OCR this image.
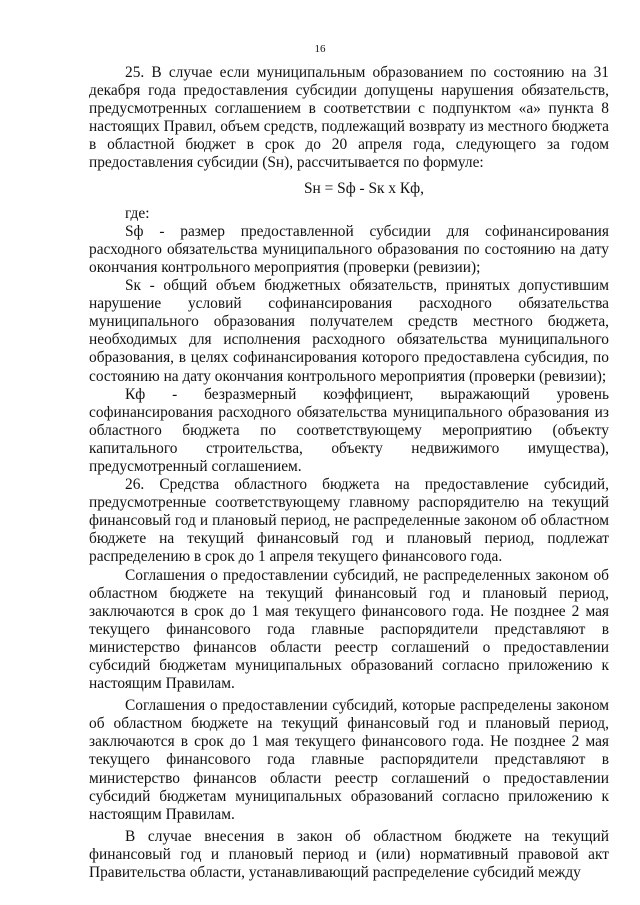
16

25. В случае если муниципальным образованием по состоянию на 31 декабря года предоставления субсидии допущены нарушения обязательств, предусмотренных соглашением в соответствии с подпунктом «а» пункта 8 настоящих Правил, объем средств, подлежащий возврату из местного бюджета в областной бюджет в срок до 20 апреля года, следующего за годом предоставления субсидии (Sн), рассчитывается по формуле:

Sн = Sф - Sк х Кф,

где:

Sф - размер предоставленной субсидии для софинансирования расходного обязательства муниципального образования по состоянию на дату окончания контрольного мероприятия (проверки (ревизии);

Sк - общий объем бюджетных обязательств, принятых допустившим нарушение условий софинансирования расходного обязательства муниципального образования получателем средств местного бюджета, необходимых для исполнения расходного обязательства муниципального образования, в целях софинансирования которого предоставлена субсидия, по состоянию на дату окончания контрольного мероприятия (проверки (ревизии);

Кф - безразмерный коэффициент, выражающий уровень софинансирования расходного обязательства муниципального образования из областного бюджета по соответствующему мероприятию (объекту капитального строительства, объекту недвижимого имущества), предусмотренный соглашением.

26. Средства областного бюджета на предоставление субсидий, предусмотренные соответствующему главному распорядителю на текущий финансовый год и плановый период, не распределенные законом об областном бюджете на текущий финансовый год и плановый период, подлежат распределению в срок до 1 апреля текущего финансового года.

Соглашения о предоставлении субсидий, не распределенных законом об областном бюджете на текущий финансовый год и плановый период, заключаются в срок до 1 мая текущего финансового года. Не позднее 2 мая текущего финансового года главные распорядители представляют в министерство финансов области реестр соглашений о предоставлении субсидий бюджетам муниципальных образований согласно приложению к настоящим Правилам.

Соглашения о предоставлении субсидий, которые распределены законом об областном бюджете на текущий финансовый год и плановый период, заключаются в срок до 1 мая текущего финансового года. Не позднее 2 мая текущего финансового года главные распорядители представляют в министерство финансов области реестр соглашений о предоставлении субсидий бюджетам муниципальных образований согласно приложению к настоящим Правилам.

В случае внесения в закон об областном бюджете на текущий финансовый год и плановый период и (или) нормативный правовой акт Правительства области, устанавливающий распределение субсидий между
